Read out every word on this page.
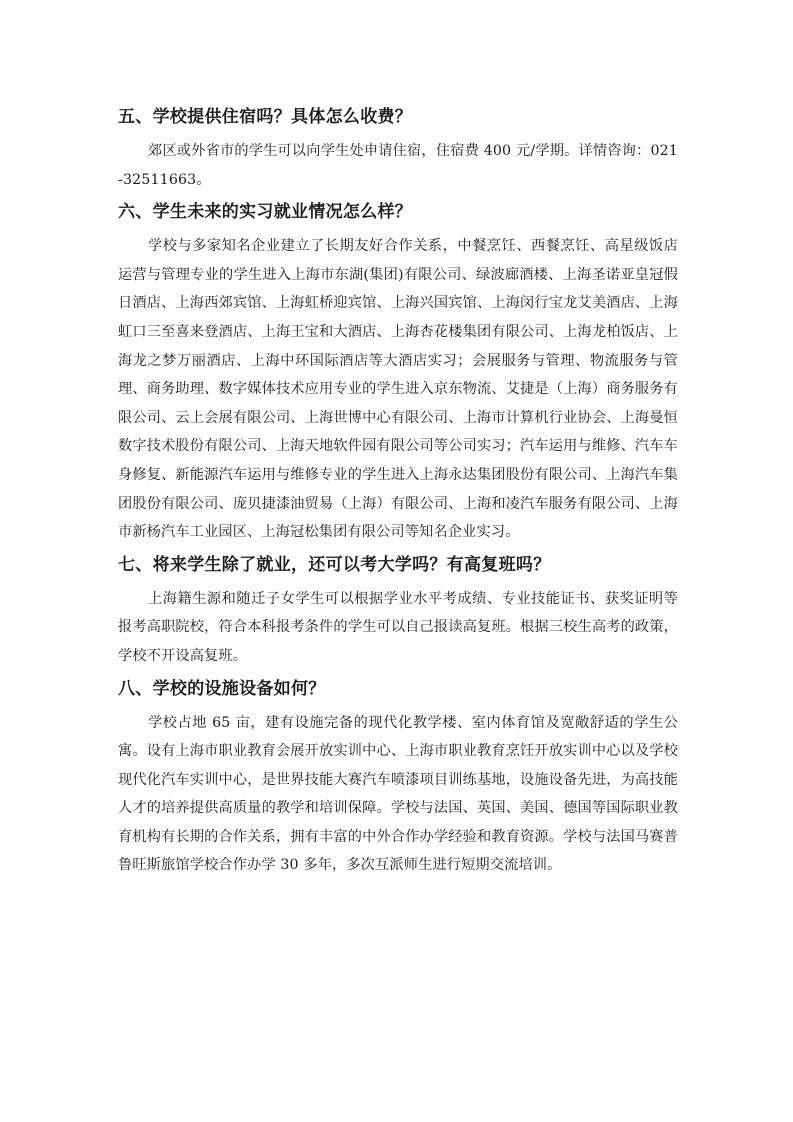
五、学校提供住宿吗？具体怎么收费？

郊区或外省市的学生可以向学生处申请住宿，住宿费 400 元/学期。详情咨询：021-32511663。

六、学生未来的实习就业情况怎么样？

学校与多家知名企业建立了长期友好合作关系，中餐烹饪、西餐烹饪、高星级饭店运营与管理专业的学生进入上海市东湖(集团)有限公司、绿波廊酒楼、上海圣诺亚皇冠假日酒店、上海西郊宾馆、上海虹桥迎宾馆、上海兴国宾馆、上海闵行宝龙艾美酒店、上海虹口三至喜来登酒店、上海王宝和大酒店、上海杏花楼集团有限公司、上海龙柏饭店、上海龙之梦万丽酒店、上海中环国际酒店等大酒店实习；会展服务与管理、物流服务与管理、商务助理、数字媒体技术应用专业的学生进入京东物流、艾捷是（上海）商务服务有限公司、云上会展有限公司、上海世博中心有限公司、上海市计算机行业协会、上海曼恒数字技术股份有限公司、上海天地软件园有限公司等公司实习；汽车运用与维修、汽车车身修复、新能源汽车运用与维修专业的学生进入上海永达集团股份有限公司、上海汽车集团股份有限公司、庞贝捷漆油贸易（上海）有限公司、上海和凌汽车服务有限公司、上海市新杨汽车工业园区、上海冠松集团有限公司等知名企业实习。

七、将来学生除了就业，还可以考大学吗？有高复班吗？

上海籍生源和随迁子女学生可以根据学业水平考成绩、专业技能证书、获奖证明等报考高职院校，符合本科报考条件的学生可以自己报读高复班。根据三校生高考的政策，学校不开设高复班。

八、学校的设施设备如何？

学校占地 65 亩，建有设施完备的现代化教学楼、室内体育馆及宽敞舒适的学生公寓。设有上海市职业教育会展开放实训中心、上海市职业教育烹饪开放实训中心以及学校现代化汽车实训中心，是世界技能大赛汽车喷漆项目训练基地，设施设备先进，为高技能人才的培养提供高质量的教学和培训保障。学校与法国、英国、美国、德国等国际职业教育机构有长期的合作关系，拥有丰富的中外合作办学经验和教育资源。学校与法国马赛普鲁旺斯旅馆学校合作办学 30 多年，多次互派师生进行短期交流培训。
